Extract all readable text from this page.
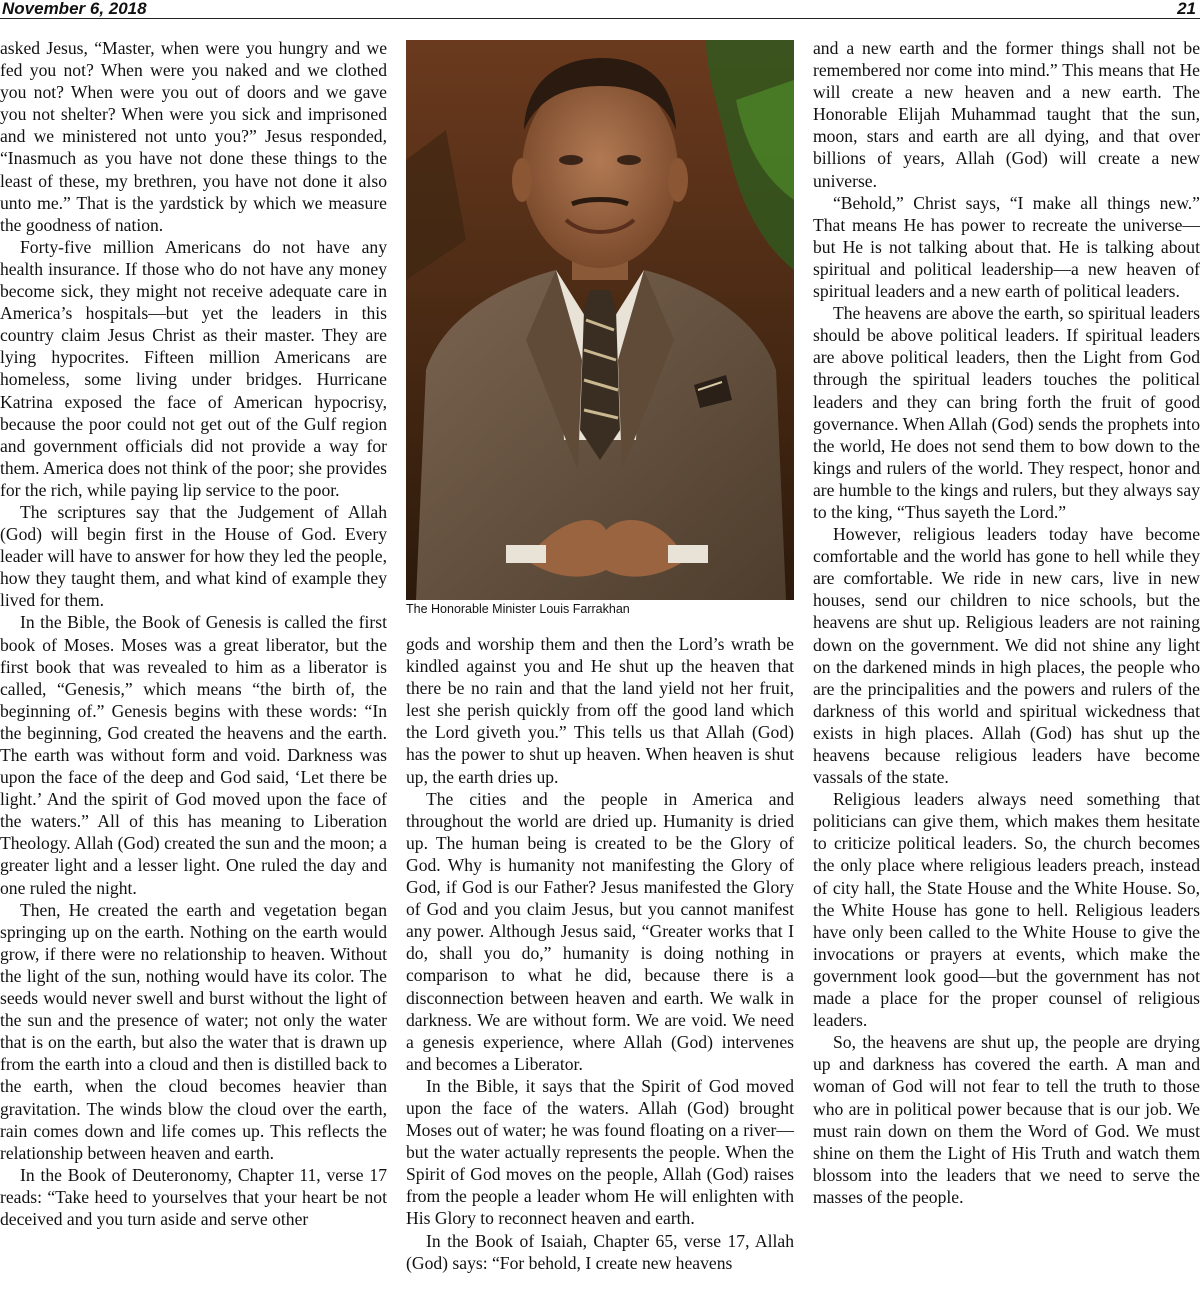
November 6, 2018	21

asked Jesus, “Master, when were you hungry and we fed you not? When were you naked and we clothed you not? When were you out of doors and we gave you not shelter? When were you sick and imprisoned and we ministered not unto you?” Jesus responded, “Inasmuch as you have not done these things to the least of these, my brethren, you have not done it also unto me.” That is the yardstick by which we measure the goodness of nation.

Forty-five million Americans do not have any health insurance. If those who do not have any money become sick, they might not receive adequate care in America’s hospitals—but yet the leaders in this country claim Jesus Christ as their master. They are lying hypocrites. Fifteen million Americans are homeless, some living under bridges. Hurricane Katrina exposed the face of American hypocrisy, because the poor could not get out of the Gulf region and government officials did not provide a way for them. America does not think of the poor; she provides for the rich, while paying lip service to the poor.

The scriptures say that the Judgement of Allah (God) will begin first in the House of God. Every leader will have to answer for how they led the people, how they taught them, and what kind of example they lived for them.

In the Bible, the Book of Genesis is called the first book of Moses. Moses was a great liberator, but the first book that was revealed to him as a liberator is called, “Genesis,” which means “the birth of, the beginning of.” Genesis begins with these words: “In the beginning, God created the heavens and the earth. The earth was without form and void. Darkness was upon the face of the deep and God said, ‘Let there be light.’ And the spirit of God moved upon the face of the waters.” All of this has meaning to Liberation Theology. Allah (God) created the sun and the moon; a greater light and a lesser light. One ruled the day and one ruled the night.

Then, He created the earth and vegetation began springing up on the earth. Nothing on the earth would grow, if there were no relationship to heaven. Without the light of the sun, nothing would have its color. The seeds would never swell and burst without the light of the sun and the presence of water; not only the water that is on the earth, but also the water that is drawn up from the earth into a cloud and then is distilled back to the earth, when the cloud becomes heavier than gravitation. The winds blow the cloud over the earth, rain comes down and life comes up. This reflects the relationship between heaven and earth.

In the Book of Deuteronomy, Chapter 11, verse 17 reads: “Take heed to yourselves that your heart be not deceived and you turn aside and serve other

The Honorable Minister Louis Farrakhan

gods and worship them and then the Lord’s wrath be kindled against you and He shut up the heaven that there be no rain and that the land yield not her fruit, lest she perish quickly from off the good land which the Lord giveth you.” This tells us that Allah (God) has the power to shut up heaven. When heaven is shut up, the earth dries up.

The cities and the people in America and throughout the world are dried up. Humanity is dried up. The human being is created to be the Glory of God. Why is humanity not manifesting the Glory of God, if God is our Father? Jesus manifested the Glory of God and you claim Jesus, but you cannot manifest any power. Although Jesus said, “Greater works that I do, shall you do,” humanity is doing nothing in comparison to what he did, because there is a disconnection between heaven and earth. We walk in darkness. We are without form. We are void. We need a genesis experience, where Allah (God) intervenes and becomes a Liberator.

In the Bible, it says that the Spirit of God moved upon the face of the waters. Allah (God) brought Moses out of water; he was found floating on a river—but the water actually represents the people. When the Spirit of God moves on the people, Allah (God) raises from the people a leader whom He will enlighten with His Glory to reconnect heaven and earth.

In the Book of Isaiah, Chapter 65, verse 17, Allah (God) says: “For behold, I create new heavens

and a new earth and the former things shall not be remembered nor come into mind.” This means that He will create a new heaven and a new earth. The Honorable Elijah Muhammad taught that the sun, moon, stars and earth are all dying, and that over billions of years, Allah (God) will create a new universe.

“Behold,” Christ says, “I make all things new.” That means He has power to recreate the universe—but He is not talking about that. He is talking about spiritual and political leadership—a new heaven of spiritual leaders and a new earth of political leaders.

The heavens are above the earth, so spiritual leaders should be above political leaders. If spiritual leaders are above political leaders, then the Light from God through the spiritual leaders touches the political leaders and they can bring forth the fruit of good governance. When Allah (God) sends the prophets into the world, He does not send them to bow down to the kings and rulers of the world. They respect, honor and are humble to the kings and rulers, but they always say to the king, “Thus sayeth the Lord.”

However, religious leaders today have become comfortable and the world has gone to hell while they are comfortable. We ride in new cars, live in new houses, send our children to nice schools, but the heavens are shut up. Religious leaders are not raining down on the government. We did not shine any light on the darkened minds in high places, the people who are the principalities and the powers and rulers of the darkness of this world and spiritual wickedness that exists in high places. Allah (God) has shut up the heavens because religious leaders have become vassals of the state.

Religious leaders always need something that politicians can give them, which makes them hesitate to criticize political leaders. So, the church becomes the only place where religious leaders preach, instead of city hall, the State House and the White House. So, the White House has gone to hell. Religious leaders have only been called to the White House to give the invocations or prayers at events, which make the government look good—but the government has not made a place for the proper counsel of religious leaders.

So, the heavens are shut up, the people are drying up and darkness has covered the earth. A man and woman of God will not fear to tell the truth to those who are in political power because that is our job. We must rain down on them the Word of God. We must shine on them the Light of His Truth and watch them blossom into the leaders that we need to serve the masses of the people.
